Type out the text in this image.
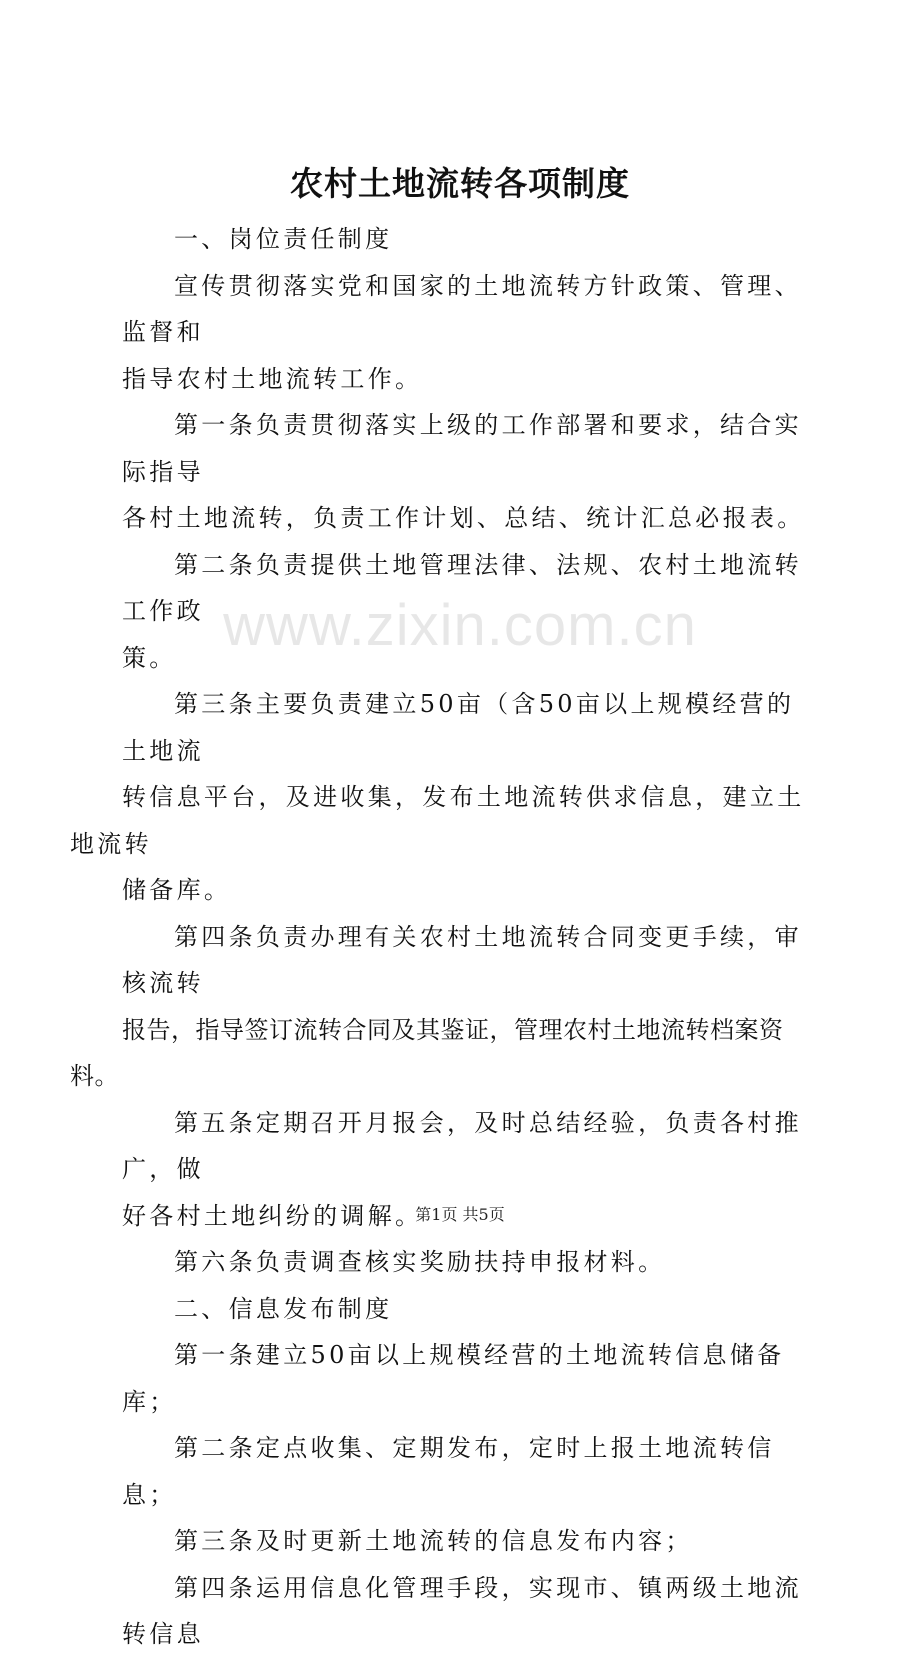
农村土地流转各项制度

一、岗位责任制度

宣传贯彻落实党和国家的土地流转方针政策、管理、监督和
指导农村土地流转工作。

第一条负责贯彻落实上级的工作部署和要求，结合实际指导
各村土地流转，负责工作计划、总结、统计汇总必报表。

第二条负责提供土地管理法律、法规、农村土地流转工作政
策。

第三条主要负责建立50亩（含50亩以上规模经营的土地流
转信息平台，及进收集，发布土地流转供求信息，建立土地流转
储备库。

第四条负责办理有关农村土地流转合同变更手续，审核流转
报告，指导签订流转合同及其鉴证，管理农村土地流转档案资料。

第五条定期召开月报会，及时总结经验，负责各村推广，做
好各村土地纠纷的调解。

第六条负责调查核实奖励扶持申报材料。

二、信息发布制度

第一条建立50亩以上规模经营的土地流转信息储备库；

第二条定点收集、定期发布，定时上报土地流转信息；

第三条及时更新土地流转的信息发布内容；

第四条运用信息化管理手段，实现市、镇两级土地流转信息

www.zixin.com.cn
第1页 共5页
